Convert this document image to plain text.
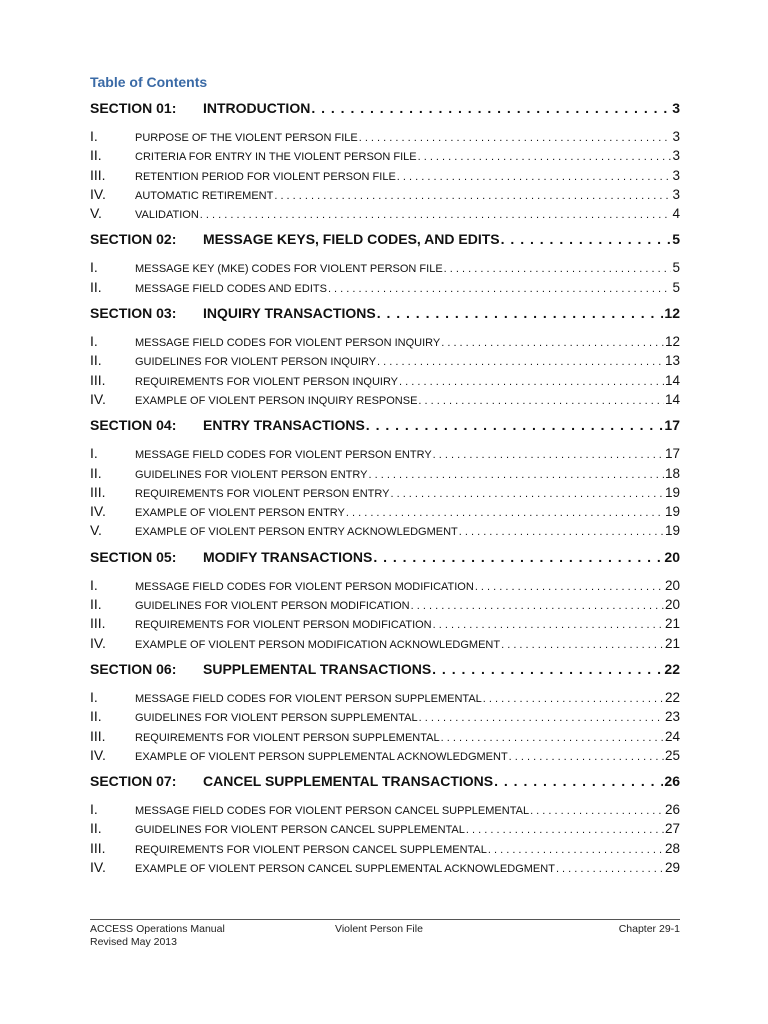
Table of Contents
SECTION 01:	INTRODUCTION . . .	3
I.	PURPOSE OF THE VIOLENT PERSON FILE . . .	3
II.	CRITERIA FOR ENTRY IN THE VIOLENT PERSON FILE . . .	3
III.	RETENTION PERIOD FOR VIOLENT PERSON FILE . . .	3
IV.	AUTOMATIC RETIREMENT . . .	3
V.	VALIDATION . . .	4
SECTION 02:	MESSAGE KEYS, FIELD CODES, AND EDITS . . .	5
I.	MESSAGE KEY (MKE) CODES FOR VIOLENT PERSON FILE . . .	5
II.	MESSAGE FIELD CODES AND EDITS . . .	5
SECTION 03:	INQUIRY TRANSACTIONS . . .	12
I.	MESSAGE FIELD CODES FOR VIOLENT PERSON INQUIRY . . .	12
II.	GUIDELINES FOR VIOLENT PERSON INQUIRY . . .	13
III.	REQUIREMENTS FOR VIOLENT PERSON INQUIRY . . .	14
IV.	EXAMPLE OF VIOLENT PERSON INQUIRY RESPONSE . . .	14
SECTION 04:	ENTRY TRANSACTIONS . . .	17
I.	MESSAGE FIELD CODES FOR VIOLENT PERSON ENTRY . . .	17
II.	GUIDELINES FOR VIOLENT PERSON ENTRY . . .	18
III.	REQUIREMENTS FOR VIOLENT PERSON ENTRY . . .	19
IV.	EXAMPLE OF VIOLENT PERSON ENTRY . . .	19
V.	EXAMPLE OF VIOLENT PERSON ENTRY ACKNOWLEDGMENT . . .	19
SECTION 05:	MODIFY TRANSACTIONS . . .	20
I.	MESSAGE FIELD CODES FOR VIOLENT PERSON MODIFICATION . . .	20
II.	GUIDELINES FOR VIOLENT PERSON MODIFICATION . . .	20
III.	REQUIREMENTS FOR VIOLENT PERSON MODIFICATION . . .	21
IV.	EXAMPLE OF VIOLENT PERSON MODIFICATION ACKNOWLEDGMENT . . .	21
SECTION 06:	SUPPLEMENTAL TRANSACTIONS . . .	22
I.	MESSAGE FIELD CODES FOR VIOLENT PERSON SUPPLEMENTAL . . .	22
II.	GUIDELINES FOR VIOLENT PERSON SUPPLEMENTAL . . .	23
III.	REQUIREMENTS FOR VIOLENT PERSON SUPPLEMENTAL . . .	24
IV.	EXAMPLE OF VIOLENT PERSON SUPPLEMENTAL ACKNOWLEDGMENT . . .	25
SECTION 07:	CANCEL SUPPLEMENTAL TRANSACTIONS . . .	26
I.	MESSAGE FIELD CODES FOR VIOLENT PERSON CANCEL SUPPLEMENTAL . . .	26
II.	GUIDELINES FOR VIOLENT PERSON CANCEL SUPPLEMENTAL . . .	27
III.	REQUIREMENTS FOR VIOLENT PERSON CANCEL SUPPLEMENTAL . . .	28
IV.	EXAMPLE OF VIOLENT PERSON CANCEL SUPPLEMENTAL ACKNOWLEDGMENT . . .	29
ACCESS Operations Manual
Revised May 2013
Violent Person File	Chapter 29-1
